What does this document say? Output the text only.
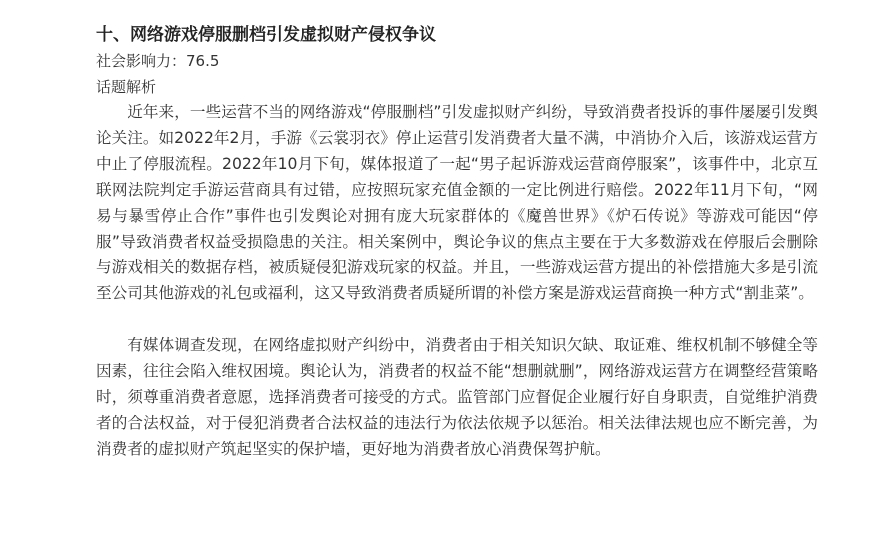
十、网络游戏停服删档引发虚拟财产侵权争议

社会影响力：76.5

话题解析

近年来，一些运营不当的网络游戏“停服删档”引发虚拟财产纠纷，导致消费者投诉的事件屡屡引发舆论关注。如2022年2月，手游《云裳羽衣》停止运营引发消费者大量不满，中消协介入后，该游戏运营方中止了停服流程。2022年10月下旬，媒体报道了一起“男子起诉游戏运营商停服案”，该事件中，北京互联网法院判定手游运营商具有过错，应按照玩家充值金额的一定比例进行赔偿。2022年11月下旬，“网易与暴雪停止合作”事件也引发舆论对拥有庞大玩家群体的《魔兽世界》《炉石传说》等游戏可能因“停服”导致消费者权益受损隐患的关注。相关案例中，舆论争议的焦点主要在于大多数游戏在停服后会删除与游戏相关的数据存档，被质疑侵犯游戏玩家的权益。并且，一些游戏运营方提出的补偿措施大多是引流至公司其他游戏的礼包或福利，这又导致消费者质疑所谓的补偿方案是游戏运营商换一种方式“割韭菜”。

有媒体调查发现，在网络虚拟财产纠纷中，消费者由于相关知识欠缺、取证难、维权机制不够健全等因素，往往会陷入维权困境。舆论认为，消费者的权益不能“想删就删”，网络游戏运营方在调整经营策略时，须尊重消费者意愿，选择消费者可接受的方式。监管部门应督促企业履行好自身职责，自觉维护消费者的合法权益，对于侵犯消费者合法权益的违法行为依法依规予以惩治。相关法律法规也应不断完善，为消费者的虚拟财产筑起坚实的保护墙，更好地为消费者放心消费保驾护航。
